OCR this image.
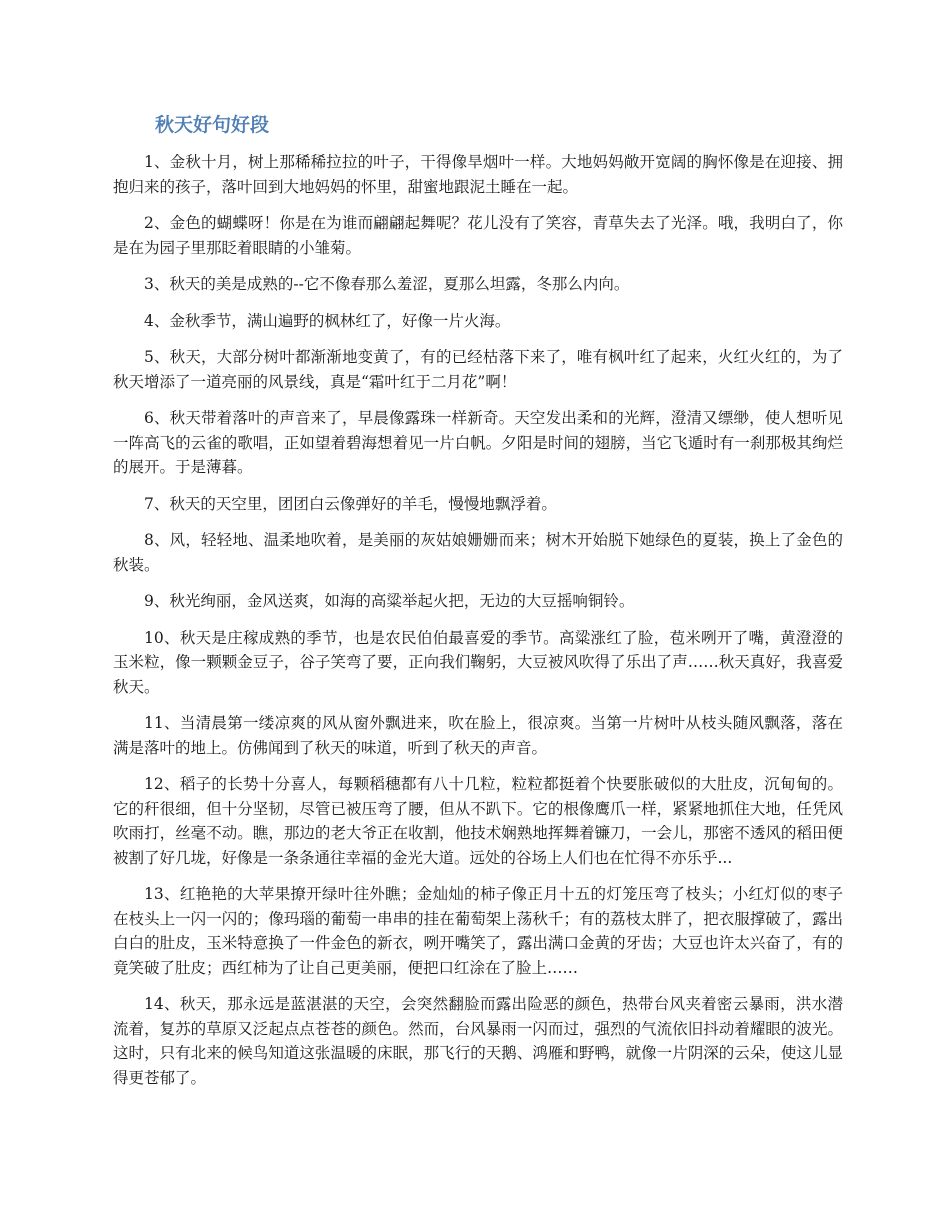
秋天好句好段

1、金秋十月，树上那稀稀拉拉的叶子，干得像旱烟叶一样。大地妈妈敞开宽阔的胸怀像是在迎接、拥抱归来的孩子，落叶回到大地妈妈的怀里，甜蜜地跟泥土睡在一起。

2、金色的蝴蝶呀！你是在为谁而翩翩起舞呢？花儿没有了笑容，青草失去了光泽。哦，我明白了，你是在为园子里那眨着眼睛的小雏菊。

3、秋天的美是成熟的--它不像春那么羞涩，夏那么坦露，冬那么内向。

4、金秋季节，满山遍野的枫林红了，好像一片火海。

5、秋天，大部分树叶都渐渐地变黄了，有的已经枯落下来了，唯有枫叶红了起来，火红火红的，为了秋天增添了一道亮丽的风景线，真是“霜叶红于二月花”啊！

6、秋天带着落叶的声音来了，早晨像露珠一样新奇。天空发出柔和的光辉，澄清又缥缈，使人想听见一阵高飞的云雀的歌唱，正如望着碧海想着见一片白帆。夕阳是时间的翅膀，当它飞遁时有一刹那极其绚烂的展开。于是薄暮。

7、秋天的天空里，团团白云像弹好的羊毛，慢慢地飘浮着。

8、风，轻轻地、温柔地吹着，是美丽的灰姑娘姗姗而来；树木开始脱下她绿色的夏装，换上了金色的秋装。

9、秋光绚丽，金风送爽，如海的高粱举起火把，无边的大豆摇响铜铃。

10、秋天是庄稼成熟的季节，也是农民伯伯最喜爱的季节。高粱涨红了脸，苞米咧开了嘴，黄澄澄的玉米粒，像一颗颗金豆子，谷子笑弯了要，正向我们鞠躬，大豆被风吹得了乐出了声……秋天真好，我喜爱秋天。

11、当清晨第一缕凉爽的风从窗外飘进来，吹在脸上，很凉爽。当第一片树叶从枝头随风飘落，落在满是落叶的地上。仿佛闻到了秋天的味道，听到了秋天的声音。

12、稻子的长势十分喜人，每颗稻穗都有八十几粒，粒粒都挺着个快要胀破似的大肚皮，沉甸甸的。它的秆很细，但十分坚韧，尽管已被压弯了腰，但从不趴下。它的根像鹰爪一样，紧紧地抓住大地，任凭风吹雨打，丝毫不动。瞧，那边的老大爷正在收割，他技术娴熟地挥舞着镰刀，一会儿，那密不透风的稻田便被割了好几垅，好像是一条条通往幸福的金光大道。远处的谷场上人们也在忙得不亦乐乎...

13、红艳艳的大苹果撩开绿叶往外瞧；金灿灿的柿子像正月十五的灯笼压弯了枝头；小红灯似的枣子在枝头上一闪一闪的；像玛瑙的葡萄一串串的挂在葡萄架上荡秋千；有的荔枝太胖了，把衣服撑破了，露出白白的肚皮，玉米特意换了一件金色的新衣，咧开嘴笑了，露出满口金黄的牙齿；大豆也许太兴奋了，有的竟笑破了肚皮；西红柿为了让自己更美丽，便把口红涂在了脸上……

14、秋天，那永远是蓝湛湛的天空，会突然翻脸而露出险恶的颜色，热带台风夹着密云暴雨，洪水潜流着，复苏的草原又泛起点点苍苍的颜色。然而，台风暴雨一闪而过，强烈的气流依旧抖动着耀眼的波光。这时，只有北来的候鸟知道这张温暖的床眠，那飞行的天鹅、鸿雁和野鸭，就像一片阴深的云朵，使这儿显得更苍郁了。
